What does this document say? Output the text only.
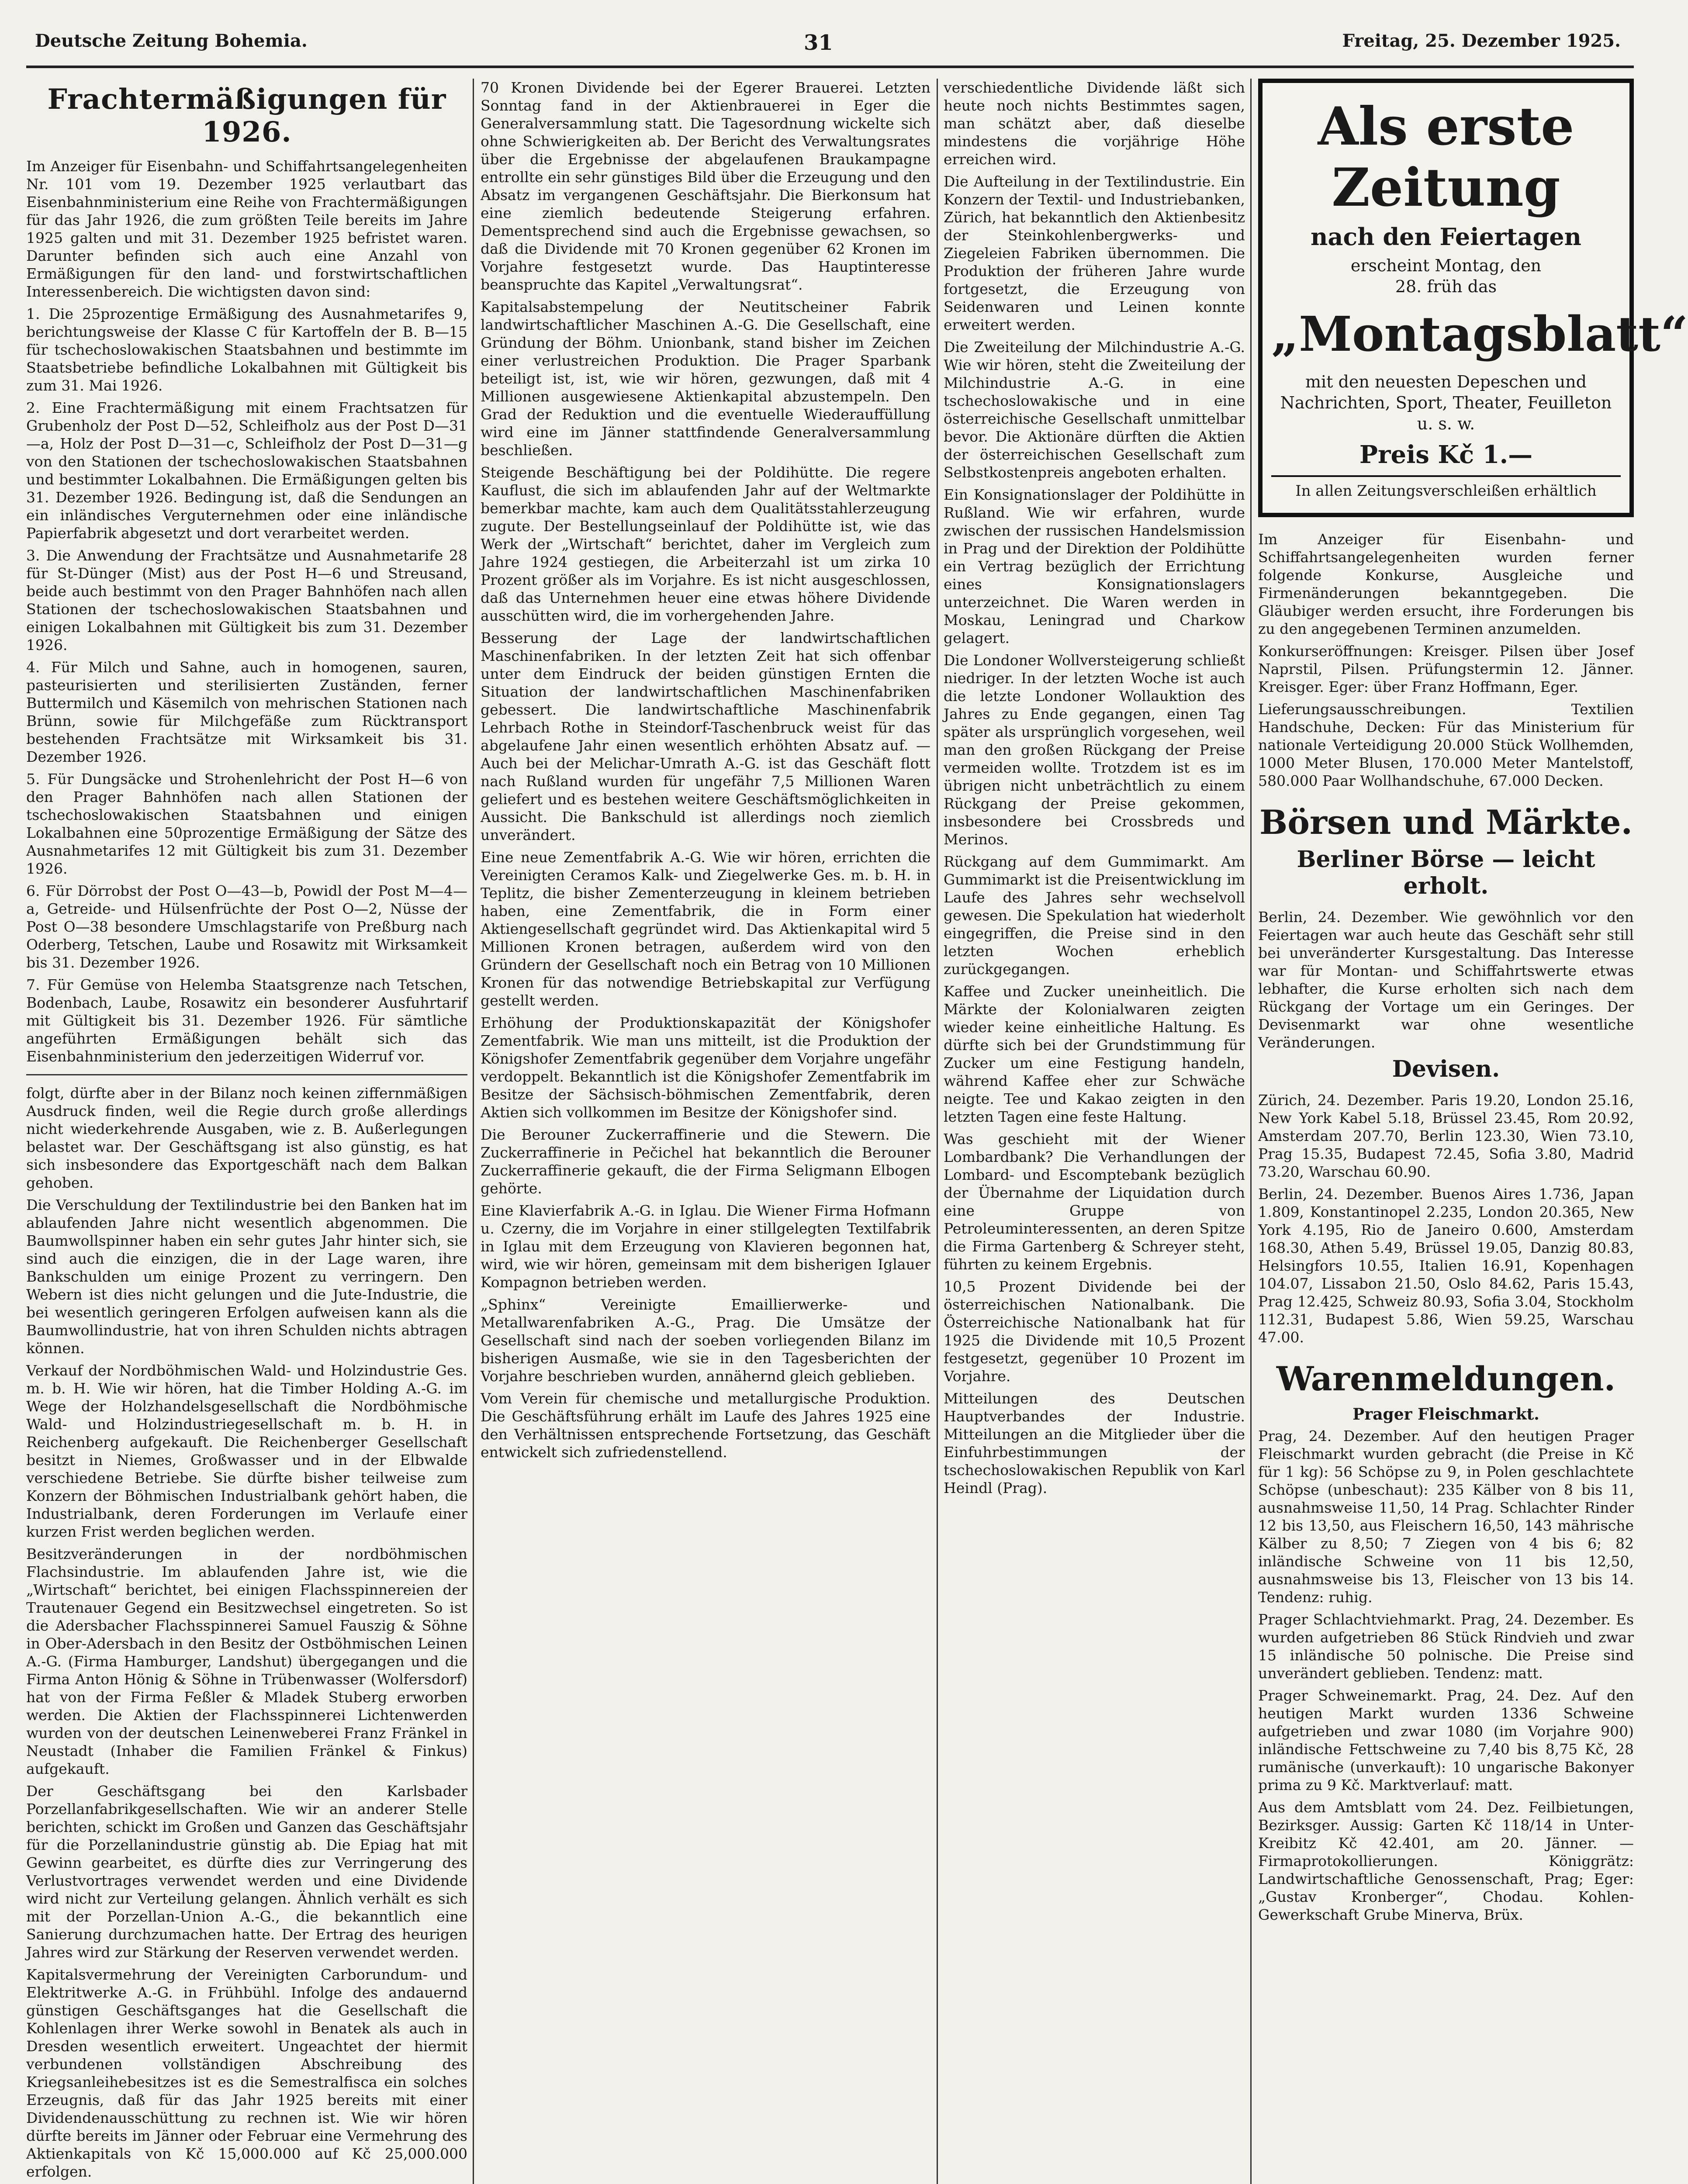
Deutsche Zeitung Bohemia.	31	Freitag, 25. Dezember 1925.
Frachtermäßigungen für 1926.

Im Anzeiger für Eisenbahn- und Schiffahrtsangelegenheiten Nr. 101 vom 19. Dezember 1925 verlautbart das Eisenbahnministerium eine Reihe von Frachtermäßigungen für das Jahr 1926, die zum größten Teile bereits im Jahre 1925 galten und mit 31. Dezember 1925 befristet waren. Darunter befinden sich auch eine Anzahl von Ermäßigungen für den land- und forstwirtschaftlichen Interessenbereich. Die wichtigsten davon sind:

1. Die 25prozentige Ermäßigung des Ausnahmetarifes 9, berichtungsweise der Klasse C für Kartoffeln der B. B—15 für tschechoslowakischen Staatsbahnen und bestimmte im Staatsbetriebe befindliche Lokalbahnen mit Gültigkeit bis zum 31. Mai 1926.

2. Eine Frachtermäßigung mit einem Frachtsatzen für Grubenholz der Post D—52, Schleifholz aus der Post D—31—a, Holz der Post D—31—c, Schleifholz der Post D—31—g von den Stationen der tschechoslowakischen Staatsbahnen und bestimmter Lokalbahnen. Die Ermäßigungen gelten bis 31. Dezember 1926. Bedingung ist, daß die Sendungen an ein inländisches Verguternehmen oder eine inländische Papierfabrik abgesetzt und dort verarbeitet werden.

3. Die Anwendung der Frachtsätze und Ausnahmetarife 28 für St-Dünger (Mist) aus der Post H—6 und Streusand, beide auch bestimmt von den Prager Bahnhöfen nach allen Stationen der tschechoslowakischen Staatsbahnen und einigen Lokalbahnen mit Gültigkeit bis zum 31. Dezember 1926.

4. Für Milch und Sahne, auch in homogenen, sauren, pasteurisierten und sterilisierten Zuständen, ferner Buttermilch und Käsemilch von mehrischen Stationen nach Brünn, sowie für Milchgefäße zum Rücktransport bestehenden Frachtsätze mit Wirksamkeit bis 31. Dezember 1926.

5. Für Dungsäcke und Strohenlehricht der Post H—6 von den Prager Bahnhöfen nach allen Stationen der tschechoslowakischen Staatsbahnen und einigen Lokalbahnen eine 50prozentige Ermäßigung der Sätze des Ausnahmetarifes 12 mit Gültigkeit bis zum 31. Dezember 1926.

6. Für Dörrobst der Post O—43—b, Powidl der Post M—4—a, Getreide- und Hülsenfrüchte der Post O—2, Nüsse der Post O—38 besondere Umschlagstarife von Preßburg nach Oderberg, Tetschen, Laube und Rosawitz mit Wirksamkeit bis 31. Dezember 1926.

7. Für Gemüse von Helemba Staatsgrenze nach Tetschen, Bodenbach, Laube, Rosawitz ein besonderer Ausfuhrtarif mit Gültigkeit bis 31. Dezember 1926. Für sämtliche angeführten Ermäßigungen behält sich das Eisenbahnministerium den jederzeitigen Widerruf vor.

folgt, dürfte aber in der Bilanz noch keinen ziffernmäßigen Ausdruck finden, weil die Regie durch große allerdings nicht wiederkehrende Ausgaben, wie z. B. Außerlegungen belastet war. Der Geschäftsgang ist also günstig, es hat sich insbesondere das Exportgeschäft nach dem Balkan gehoben.

Die Verschuldung der Textilindustrie bei den Banken hat im ablaufenden Jahre nicht wesentlich abgenommen. Die Baumwollspinner haben ein sehr gutes Jahr hinter sich, sie sind auch die einzigen, die in der Lage waren, ihre Bankschulden um einige Prozent zu verringern. Den Webern ist dies nicht gelungen und die Jute-Industrie, die bei wesentlich geringeren Erfolgen aufweisen kann als die Baumwollindustrie, hat von ihren Schulden nichts abtragen können.

Verkauf der Nordböhmischen Wald- und Holzindustrie Ges. m. b. H. Wie wir hören, hat die Timber Holding A.-G. im Wege der Holzhandelsgesellschaft die Nordböhmische Wald- und Holzindustriegesellschaft m. b. H. in Reichenberg aufgekauft. Die Reichenberger Gesellschaft besitzt in Niemes, Großwasser und in der Elbwalde verschiedene Betriebe. Sie dürfte bisher teilweise zum Konzern der Böhmischen Industrialbank gehört haben, die Industrialbank, deren Forderungen im Verlaufe einer kurzen Frist werden beglichen werden.

Besitzveränderungen in der nordböhmischen Flachsindustrie. Im ablaufenden Jahre ist, wie die „Wirtschaft“ berichtet, bei einigen Flachsspinnereien der Trautenauer Gegend ein Besitzwechsel eingetreten. So ist die Adersbacher Flachsspinnerei Samuel Fauszig & Söhne in Ober-Adersbach in den Besitz der Ostböhmischen Leinen A.-G. (Firma Hamburger, Landshut) übergegangen und die Firma Anton Hönig & Söhne in Trübenwasser (Wolfersdorf) hat von der Firma Feßler & Mladek Stuberg erworben werden. Die Aktien der Flachsspinnerei Lichtenwerden wurden von der deutschen Leinenweberei Franz Fränkel in Neustadt (Inhaber die Familien Fränkel & Finkus) aufgekauft.

Der Geschäftsgang bei den Karlsbader Porzellanfabrikgesellschaften. Wie wir an anderer Stelle berichten, schickt im Großen und Ganzen das Geschäftsjahr für die Porzellanindustrie günstig ab. Die Epiag hat mit Gewinn gearbeitet, es dürfte dies zur Verringerung des Verlustvortrages verwendet werden und eine Dividende wird nicht zur Verteilung gelangen. Ähnlich verhält es sich mit der Porzellan-Union A.-G., die bekanntlich eine Sanierung durchzumachen hatte. Der Ertrag des heurigen Jahres wird zur Stärkung der Reserven verwendet werden.

Kapitalsvermehrung der Vereinigten Carborundum- und Elektritwerke A.-G. in Frühbühl. Infolge des andauernd günstigen Geschäftsganges hat die Gesellschaft die Kohlenlagen ihrer Werke sowohl in Benatek als auch in Dresden wesentlich erweitert. Ungeachtet der hiermit verbundenen vollständigen Abschreibung des Kriegsanleihebesitzes ist es die Semestralfisca ein solches Erzeugnis, daß für das Jahr 1925 bereits mit einer Dividendenausschüttung zu rechnen ist. Wie wir hören dürfte bereits im Jänner oder Februar eine Vermehrung des Aktienkapitals von Kč 15,000.000 auf Kč 25,000.000 erfolgen.

70 Kronen Dividende bei der Egerer Brauerei. Letzten Sonntag fand in der Aktienbrauerei in Eger die Generalversammlung statt. Die Tagesordnung wickelte sich ohne Schwierigkeiten ab. Der Bericht des Verwaltungsrates über die Ergebnisse der abgelaufenen Braukampagne entrollte ein sehr günstiges Bild über die Erzeugung und den Absatz im vergangenen Geschäftsjahr. Die Bierkonsum hat eine ziemlich bedeutende Steigerung erfahren. Dementsprechend sind auch die Ergebnisse gewachsen, so daß die Dividende mit 70 Kronen gegenüber 62 Kronen im Vorjahre festgesetzt wurde. Das Hauptinteresse beanspruchte das Kapitel „Verwaltungsrat“.

Kapitalsabstempelung der Neutitscheiner Fabrik landwirtschaftlicher Maschinen A.-G. Die Gesellschaft, eine Gründung der Böhm. Unionbank, stand bisher im Zeichen einer verlustreichen Produktion. Die Prager Sparbank beteiligt ist, ist, wie wir hören, gezwungen, daß mit 4 Millionen ausgewiesene Aktienkapital abzustempeln. Den Grad der Reduktion und die eventuelle Wiederauffüllung wird eine im Jänner stattfindende Generalversammlung beschließen.

Steigende Beschäftigung bei der Poldihütte. Die regere Kauflust, die sich im ablaufenden Jahr auf der Weltmarkte bemerkbar machte, kam auch dem Qualitätsstahlerzeugung zugute. Der Bestellungseinlauf der Poldihütte ist, wie das Werk der „Wirtschaft“ berichtet, daher im Vergleich zum Jahre 1924 gestiegen, die Arbeiterzahl ist um zirka 10 Prozent größer als im Vorjahre. Es ist nicht ausgeschlossen, daß das Unternehmen heuer eine etwas höhere Dividende ausschütten wird, die im vorhergehenden Jahre.

Besserung der Lage der landwirtschaftlichen Maschinenfabriken. In der letzten Zeit hat sich offenbar unter dem Eindruck der beiden günstigen Ernten die Situation der landwirtschaftlichen Maschinenfabriken gebessert. Die landwirtschaftliche Maschinenfabrik Lehrbach Rothe in Steindorf-Taschenbruck weist für das abgelaufene Jahr einen wesentlich erhöhten Absatz auf. — Auch bei der Melichar-Umrath A.-G. ist das Geschäft flott nach Rußland wurden für ungefähr 7,5 Millionen Waren geliefert und es bestehen weitere Geschäftsmöglichkeiten in Aussicht. Die Bankschuld ist allerdings noch ziemlich unverändert.

Eine neue Zementfabrik A.-G. Wie wir hören, errichten die Vereinigten Ceramos Kalk- und Ziegelwerke Ges. m. b. H. in Teplitz, die bisher Zementerzeugung in kleinem betrieben haben, eine Zementfabrik, die in Form einer Aktiengesellschaft gegründet wird. Das Aktienkapital wird 5 Millionen Kronen betragen, außerdem wird von den Gründern der Gesellschaft noch ein Betrag von 10 Millionen Kronen für das notwendige Betriebskapital zur Verfügung gestellt werden.

Erhöhung der Produktionskapazität der Königshofer Zementfabrik. Wie man uns mitteilt, ist die Produktion der Königshofer Zementfabrik gegenüber dem Vorjahre ungefähr verdoppelt. Bekanntlich ist die Königshofer Zementfabrik im Besitze der Sächsisch-böhmischen Zementfabrik, deren Aktien sich vollkommen im Besitze der Königshofer sind.

Die Berouner Zuckerraffinerie und die Stewern. Die Zuckerraffinerie in Pečichel hat bekanntlich die Berouner Zuckerraffinerie gekauft, die der Firma Seligmann Elbogen gehörte.

Eine Klavierfabrik A.-G. in Iglau. Die Wiener Firma Hofmann u. Czerny, die im Vorjahre in einer stillgelegten Textilfabrik in Iglau mit dem Erzeugung von Klavieren begonnen hat, wird, wie wir hören, gemeinsam mit dem bisherigen Iglauer Kompagnon betrieben werden.

„Sphinx“ Vereinigte Emaillierwerke- und Metallwarenfabriken A.-G., Prag. Die Umsätze der Gesellschaft sind nach der soeben vorliegenden Bilanz im bisherigen Ausmaße, wie sie in den Tagesberichten der Vorjahre beschrieben wurden, annähernd gleich geblieben.

Vom Verein für chemische und metallurgische Produktion. Die Geschäftsführung erhält im Laufe des Jahres 1925 eine den Verhältnissen entsprechende Fortsetzung, das Geschäft entwickelt sich zufriedenstellend.

verschiedentliche Dividende läßt sich heute noch nichts Bestimmtes sagen, man schätzt aber, daß dieselbe mindestens die vorjährige Höhe erreichen wird.

Die Aufteilung in der Textilindustrie. Ein Konzern der Textil- und Industriebanken, Zürich, hat bekanntlich den Aktienbesitz der Steinkohlenbergwerks- und Ziegeleien Fabriken übernommen. Die Produktion der früheren Jahre wurde fortgesetzt, die Erzeugung von Seidenwaren und Leinen konnte erweitert werden.

Die Zweiteilung der Milchindustrie A.-G. Wie wir hören, steht die Zweiteilung der Milchindustrie A.-G. in eine tschechoslowakische und in eine österreichische Gesellschaft unmittelbar bevor. Die Aktionäre dürften die Aktien der österreichischen Gesellschaft zum Selbstkostenpreis angeboten erhalten.

Ein Konsignationslager der Poldihütte in Rußland. Wie wir erfahren, wurde zwischen der russischen Handelsmission in Prag und der Direktion der Poldihütte ein Vertrag bezüglich der Errichtung eines Konsignationslagers unterzeichnet. Die Waren werden in Moskau, Leningrad und Charkow gelagert.

Die Londoner Wollversteigerung schließt niedriger. In der letzten Woche ist auch die letzte Londoner Wollauktion des Jahres zu Ende gegangen, einen Tag später als ursprünglich vorgesehen, weil man den großen Rückgang der Preise vermeiden wollte. Trotzdem ist es im übrigen nicht unbeträchtlich zu einem Rückgang der Preise gekommen, insbesondere bei Crossbreds und Merinos.

Rückgang auf dem Gummimarkt. Am Gummimarkt ist die Preisentwicklung im Laufe des Jahres sehr wechselvoll gewesen. Die Spekulation hat wiederholt eingegriffen, die Preise sind in den letzten Wochen erheblich zurückgegangen.

Kaffee und Zucker uneinheitlich. Die Märkte der Kolonialwaren zeigten wieder keine einheitliche Haltung. Es dürfte sich bei der Grundstimmung für Zucker um eine Festigung handeln, während Kaffee eher zur Schwäche neigte. Tee und Kakao zeigten in den letzten Tagen eine feste Haltung.

Was geschieht mit der Wiener Lombardbank? Die Verhandlungen der Lombard- und Escomptebank bezüglich der Übernahme der Liquidation durch eine Gruppe von Petroleuminteressenten, an deren Spitze die Firma Gartenberg & Schreyer steht, führten zu keinem Ergebnis.

10,5 Prozent Dividende bei der österreichischen Nationalbank. Die Österreichische Nationalbank hat für 1925 die Dividende mit 10,5 Prozent festgesetzt, gegenüber 10 Prozent im Vorjahre.

Mitteilungen des Deutschen Hauptverbandes der Industrie. Mitteilungen an die Mitglieder über die Einfuhrbestimmungen der tschechoslowakischen Republik von Karl Heindl (Prag).

Als erste Zeitung
nach den Feiertagen
erscheint Montag, den
28. früh das
„Montagsblatt“
mit den neuesten Depeschen und Nachrichten, Sport, Theater, Feuilleton u. s. w.
Preis Kč 1.—
In allen Zeitungsverschleißen erhältlich

Im Anzeiger für Eisenbahn- und Schiffahrtsangelegenheiten wurden ferner folgende Konkurse, Ausgleiche und Firmenänderungen bekanntgegeben. Die Gläubiger werden ersucht, ihre Forderungen bis zu den angegebenen Terminen anzumelden.

Konkurseröffnungen: Kreisger. Pilsen über Josef Naprstil, Pilsen. Prüfungstermin 12. Jänner. Kreisger. Eger: über Franz Hoffmann, Eger.

Lieferungsausschreibungen. Textilien Handschuhe, Decken: Für das Ministerium für nationale Verteidigung 20.000 Stück Wollhemden, 1000 Meter Blusen, 170.000 Meter Mantelstoff, 580.000 Paar Wollhandschuhe, 67.000 Decken.

Börsen und Märkte.
Berliner Börse — leicht erholt.

Berlin, 24. Dezember. Wie gewöhnlich vor den Feiertagen war auch heute das Geschäft sehr still bei unveränderter Kursgestaltung. Das Interesse war für Montan- und Schiffahrtswerte etwas lebhafter, die Kurse erholten sich nach dem Rückgang der Vortage um ein Geringes. Der Devisenmarkt war ohne wesentliche Veränderungen.

Devisen.

Zürich, 24. Dezember. Paris 19.20, London 25.16, New York Kabel 5.18, Brüssel 23.45, Rom 20.92, Amsterdam 207.70, Berlin 123.30, Wien 73.10, Prag 15.35, Budapest 72.45, Sofia 3.80, Madrid 73.20, Warschau 60.90.

Berlin, 24. Dezember. Buenos Aires 1.736, Japan 1.809, Konstantinopel 2.235, London 20.365, New York 4.195, Rio de Janeiro 0.600, Amsterdam 168.30, Athen 5.49, Brüssel 19.05, Danzig 80.83, Helsingfors 10.55, Italien 16.91, Kopenhagen 104.07, Lissabon 21.50, Oslo 84.62, Paris 15.43, Prag 12.425, Schweiz 80.93, Sofia 3.04, Stockholm 112.31, Budapest 5.86, Wien 59.25, Warschau 47.00.

Warenmeldungen.
Prager Fleischmarkt.

Prag, 24. Dezember. Auf den heutigen Prager Fleischmarkt wurden gebracht (die Preise in Kč für 1 kg): 56 Schöpse zu 9, in Polen geschlachtete Schöpse (unbeschaut): 235 Kälber von 8 bis 11, ausnahmsweise 11,50, 14 Prag. Schlachter Rinder 12 bis 13,50, aus Fleischern 16,50, 143 mährische Kälber zu 8,50; 7 Ziegen von 4 bis 6; 82 inländische Schweine von 11 bis 12,50, ausnahmsweise bis 13, Fleischer von 13 bis 14. Tendenz: ruhig.

Prager Schlachtviehmarkt. Prag, 24. Dezember. Es wurden aufgetrieben 86 Stück Rindvieh und zwar 15 inländische 50 polnische. Die Preise sind unverändert geblieben. Tendenz: matt.

Prager Schweinemarkt. Prag, 24. Dez. Auf den heutigen Markt wurden 1336 Schweine aufgetrieben und zwar 1080 (im Vorjahre 900) inländische Fettschweine zu 7,40 bis 8,75 Kč, 28 rumänische (unverkauft): 10 ungarische Bakonyer prima zu 9 Kč. Marktverlauf: matt.

Aus dem Amtsblatt vom 24. Dez. Feilbietungen, Bezirksger. Aussig: Garten Kč 118/14 in Unter-Kreibitz Kč 42.401, am 20. Jänner. — Firmaprotokollierungen. Königgrätz: Landwirtschaftliche Genossenschaft, Prag; Eger: „Gustav Kronberger“, Chodau. Kohlen-Gewerkschaft Grube Minerva, Brüx.
